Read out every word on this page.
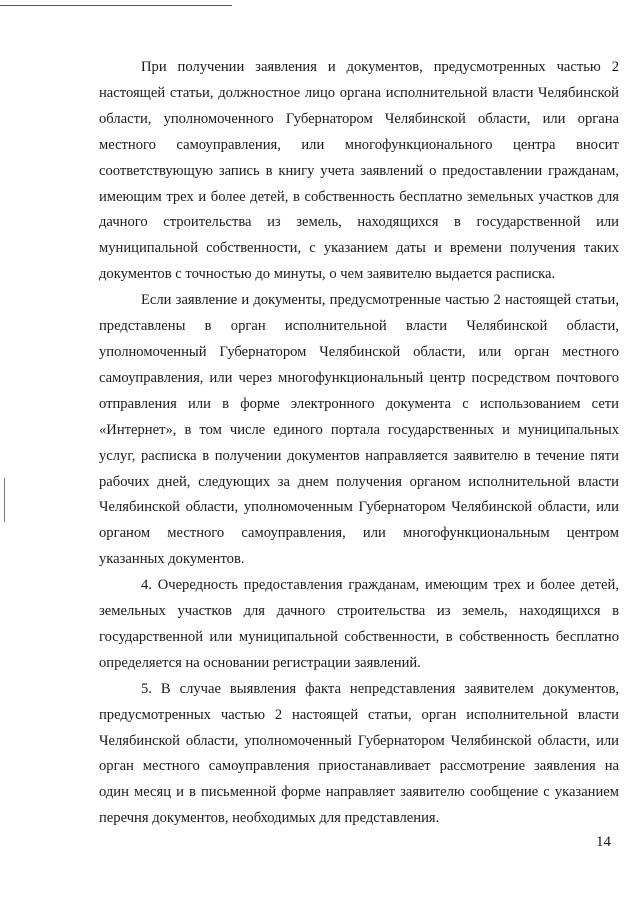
При получении заявления и документов, предусмотренных частью 2 настоящей статьи, должностное лицо органа исполнительной власти Челябинской области, уполномоченного Губернатором Челябинской области, или органа местного самоуправления, или многофункционального центра вносит соответствующую запись в книгу учета заявлений о предоставлении гражданам, имеющим трех и более детей, в собственность бесплатно земельных участков для дачного строительства из земель, находящихся в государственной или муниципальной собственности, с указанием даты и времени получения таких документов с точностью до минуты, о чем заявителю выдается расписка.

Если заявление и документы, предусмотренные частью 2 настоящей статьи, представлены в орган исполнительной власти Челябинской области, уполномоченный Губернатором Челябинской области, или орган местного самоуправления, или через многофункциональный центр посредством почтового отправления или в форме электронного документа с использованием сети «Интернет», в том числе единого портала государственных и муниципальных услуг, расписка в получении документов направляется заявителю в течение пяти рабочих дней, следующих за днем получения органом исполнительной власти Челябинской области, уполномоченным Губернатором Челябинской области, или органом местного самоуправления, или многофункциональным центром указанных документов.

4. Очередность предоставления гражданам, имеющим трех и более детей, земельных участков для дачного строительства из земель, находящихся в государственной или муниципальной собственности, в собственность бесплатно определяется на основании регистрации заявлений.

5. В случае выявления факта непредставления заявителем документов, предусмотренных частью 2 настоящей статьи, орган исполнительной власти Челябинской области, уполномоченный Губернатором Челябинской области, или орган местного самоуправления приостанавливает рассмотрение заявления на один месяц и в письменной форме направляет заявителю сообщение с указанием перечня документов, необходимых для представления.

14
